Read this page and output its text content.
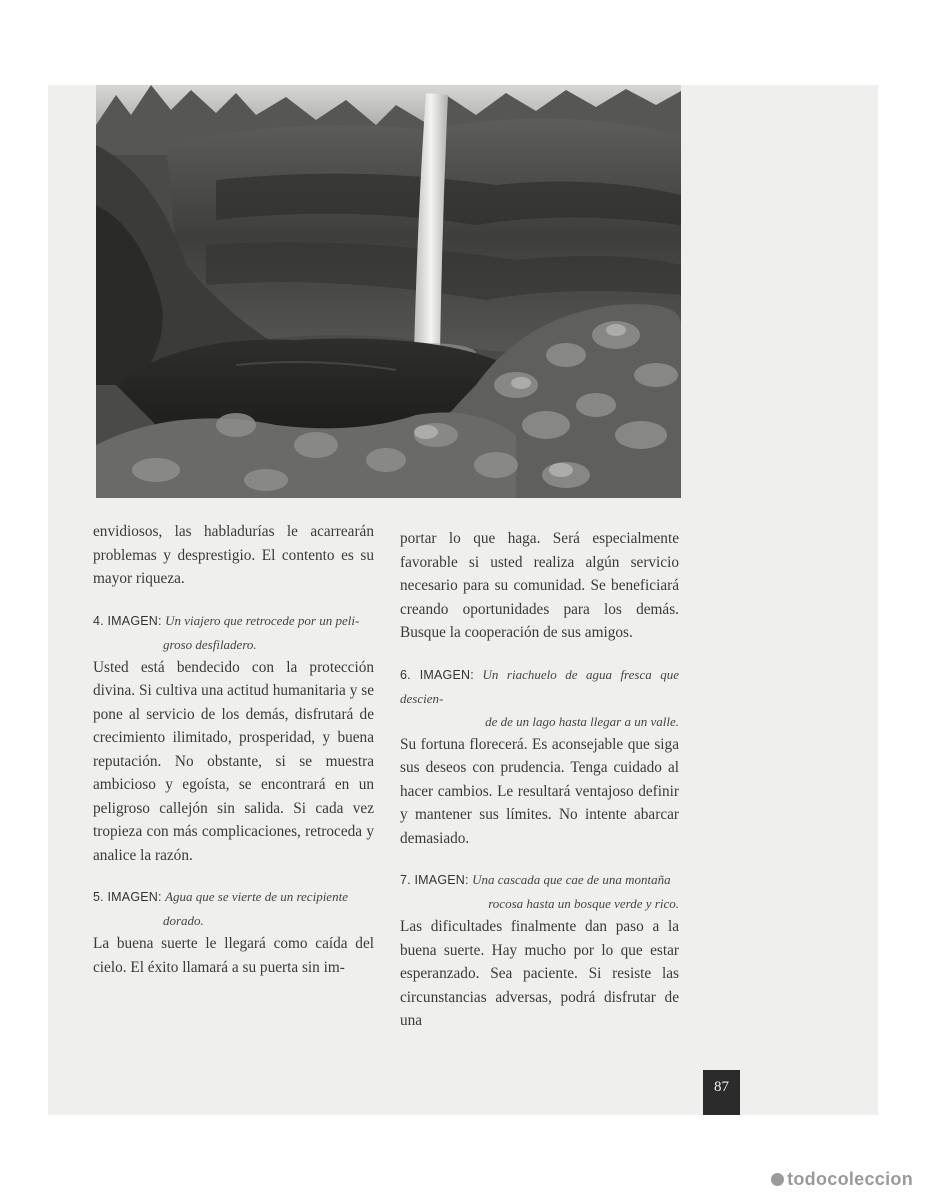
envidiosos, las habladurías le acarrearán problemas y desprestigio. El contento es su mayor riqueza.

4. IMAGEN: Un viajero que retrocede por un peli-
groso desfiladero.

Usted está bendecido con la protección divina. Si cultiva una actitud humanitaria y se pone al servicio de los demás, disfrutará de crecimiento ilimitado, prosperidad, y buena reputación. No obstante, si se muestra ambicioso y egoísta, se encontrará en un peligroso callejón sin salida. Si cada vez tropieza con más complicaciones, retroceda y analice la razón.

5. IMAGEN: Agua que se vierte de un recipiente
dorado.

La buena suerte le llegará como caída del cielo. El éxito llamará a su puerta sin im-

portar lo que haga. Será especialmente favorable si usted realiza algún servicio necesario para su comunidad. Se beneficiará creando oportunidades para los demás. Busque la cooperación de sus amigos.

6. IMAGEN: Un riachuelo de agua fresca que descien-
de de un lago hasta llegar a un valle.

Su fortuna florecerá. Es aconsejable que siga sus deseos con prudencia. Tenga cuidado al hacer cambios. Le resultará ventajoso definir y mantener sus límites. No intente abarcar demasiado.

7. IMAGEN: Una cascada que cae de una montaña
rocosa hasta un bosque verde y rico.

Las dificultades finalmente dan paso a la buena suerte. Hay mucho por lo que estar esperanzado. Sea paciente. Si resiste las circunstancias adversas, podrá disfrutar de una

87
todocoleccion
